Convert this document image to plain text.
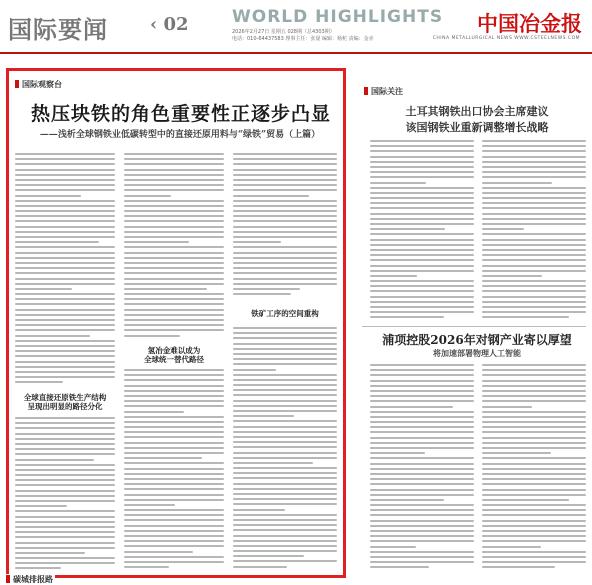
国际要闻 ‹ 02	WORLD HIGHLIGHTS
2026年2月27日 星期五 028期（总4303期）
电话：010-64437583 理事主任：张晟 编辑：杨柁 责编：金赤
中国冶金报
CHINA METALLURGICAL NEWS WWW.CSTEELNEWS.COM
国际观察台
热压块铁的角色重要性正逐步凸显
——浅析全球钢铁业低碳转型中的直接还原用料与“绿铁”贸易（上篇）
全球直接还原铁生产结构
呈现出明显的路径分化
氢冶金难以成为
全球统一替代路径
铁矿工序的空间重构
国际关注
土耳其钢铁出口协会主席建议
该国钢铁业重新调整增长战略
浦项控股2026年对钢产业寄以厚望
将加速部署物理人工智能
碳城排报路
